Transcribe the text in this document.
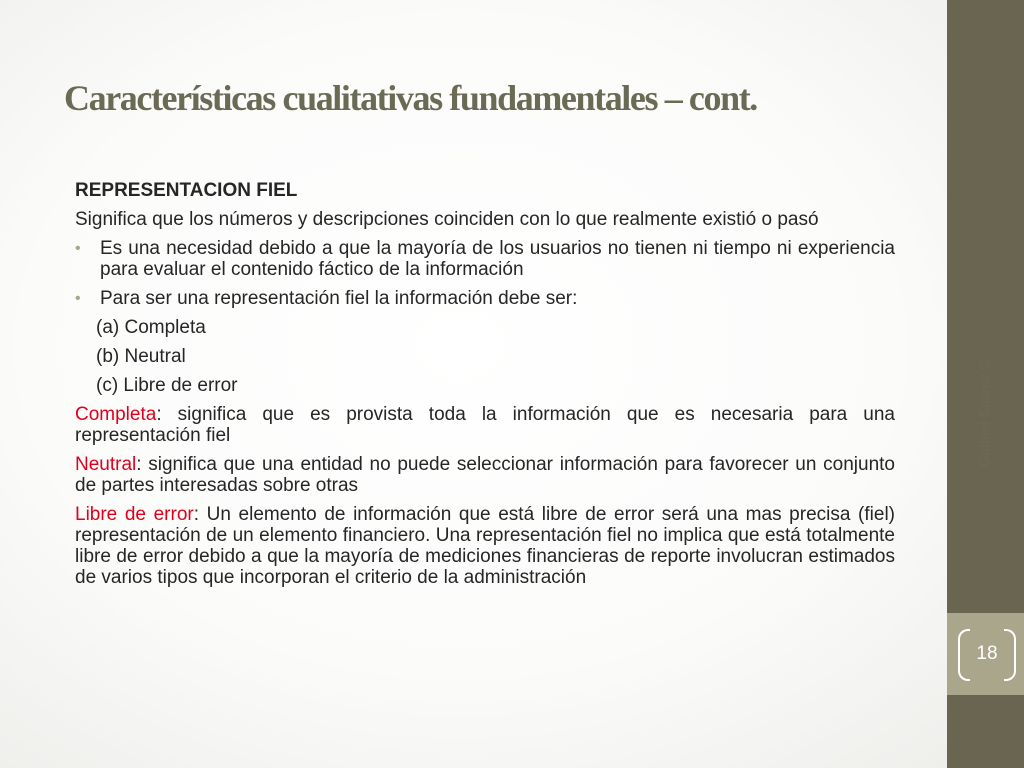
Características cualitativas fundamentales – cont.

REPRESENTACION FIEL

Significa que los números y descripciones coinciden con lo que realmente existió o pasó

• Es una necesidad debido a que la mayoría de los usuarios no tienen ni tiempo ni experiencia para evaluar el contenido fáctico de la información
• Para ser una representación fiel la información debe ser:
(a) Completa
(b) Neutral
(c) Libre de error

Completa: significa que es provista toda la información que es necesaria para una representación fiel

Neutral: significa que una entidad no puede seleccionar información para favorecer un conjunto de partes interesadas sobre otras

Libre de error: Un elemento de información que está libre de error será una mas precisa (fiel) representación de un elemento financiero. Una representación fiel no implica que está totalmente libre de error debido a que la mayoría de mediciones financieras de reporte involucran estimados de varios tipos que incorporan el criterio de la administración

Gabriel Suárez C.
18
